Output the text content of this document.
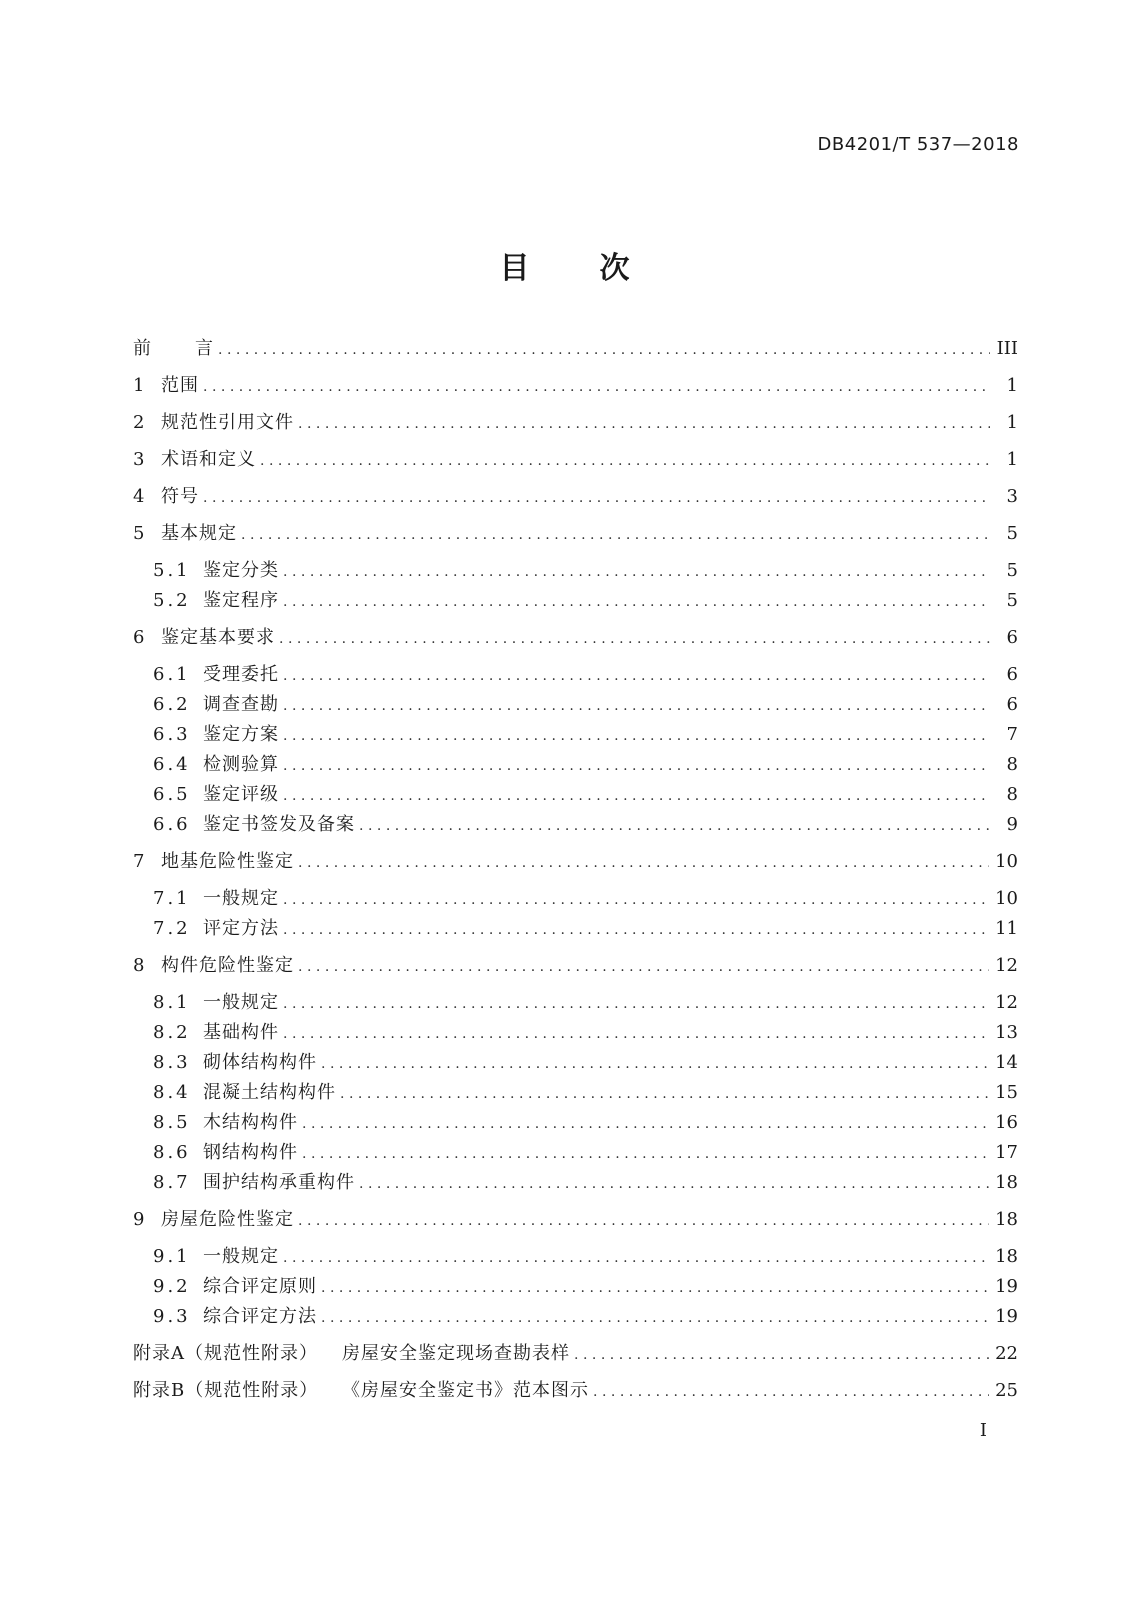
DB4201/T 537—2018
目 次
前	言 .....	III
1 范围 .....	1
2 规范性引用文件 .....	1
3 术语和定义 .....	1
4 符号 .....	3
5 基本规定 .....	5
5.1 鉴定分类 .....	5
5.2 鉴定程序 .....	5
6 鉴定基本要求 .....	6
6.1 受理委托 .....	6
6.2 调查查勘 .....	6
6.3 鉴定方案 .....	7
6.4 检测验算 .....	8
6.5 鉴定评级 .....	8
6.6 鉴定书签发及备案 .....	9
7 地基危险性鉴定 .....	10
7.1 一般规定 .....	10
7.2 评定方法 .....	11
8 构件危险性鉴定 .....	12
8.1 一般规定 .....	12
8.2 基础构件 .....	13
8.3 砌体结构构件 .....	14
8.4 混凝土结构构件 .....	15
8.5 木结构构件 .....	16
8.6 钢结构构件 .....	17
8.7 围护结构承重构件 .....	18
9 房屋危险性鉴定 .....	18
9.1 一般规定 .....	18
9.2 综合评定原则 .....	19
9.3 综合评定方法 .....	19
附录A（规范性附录）	房屋安全鉴定现场查勘表样 .....	22
附录B（规范性附录）	《房屋安全鉴定书》范本图示 .....	25
I
